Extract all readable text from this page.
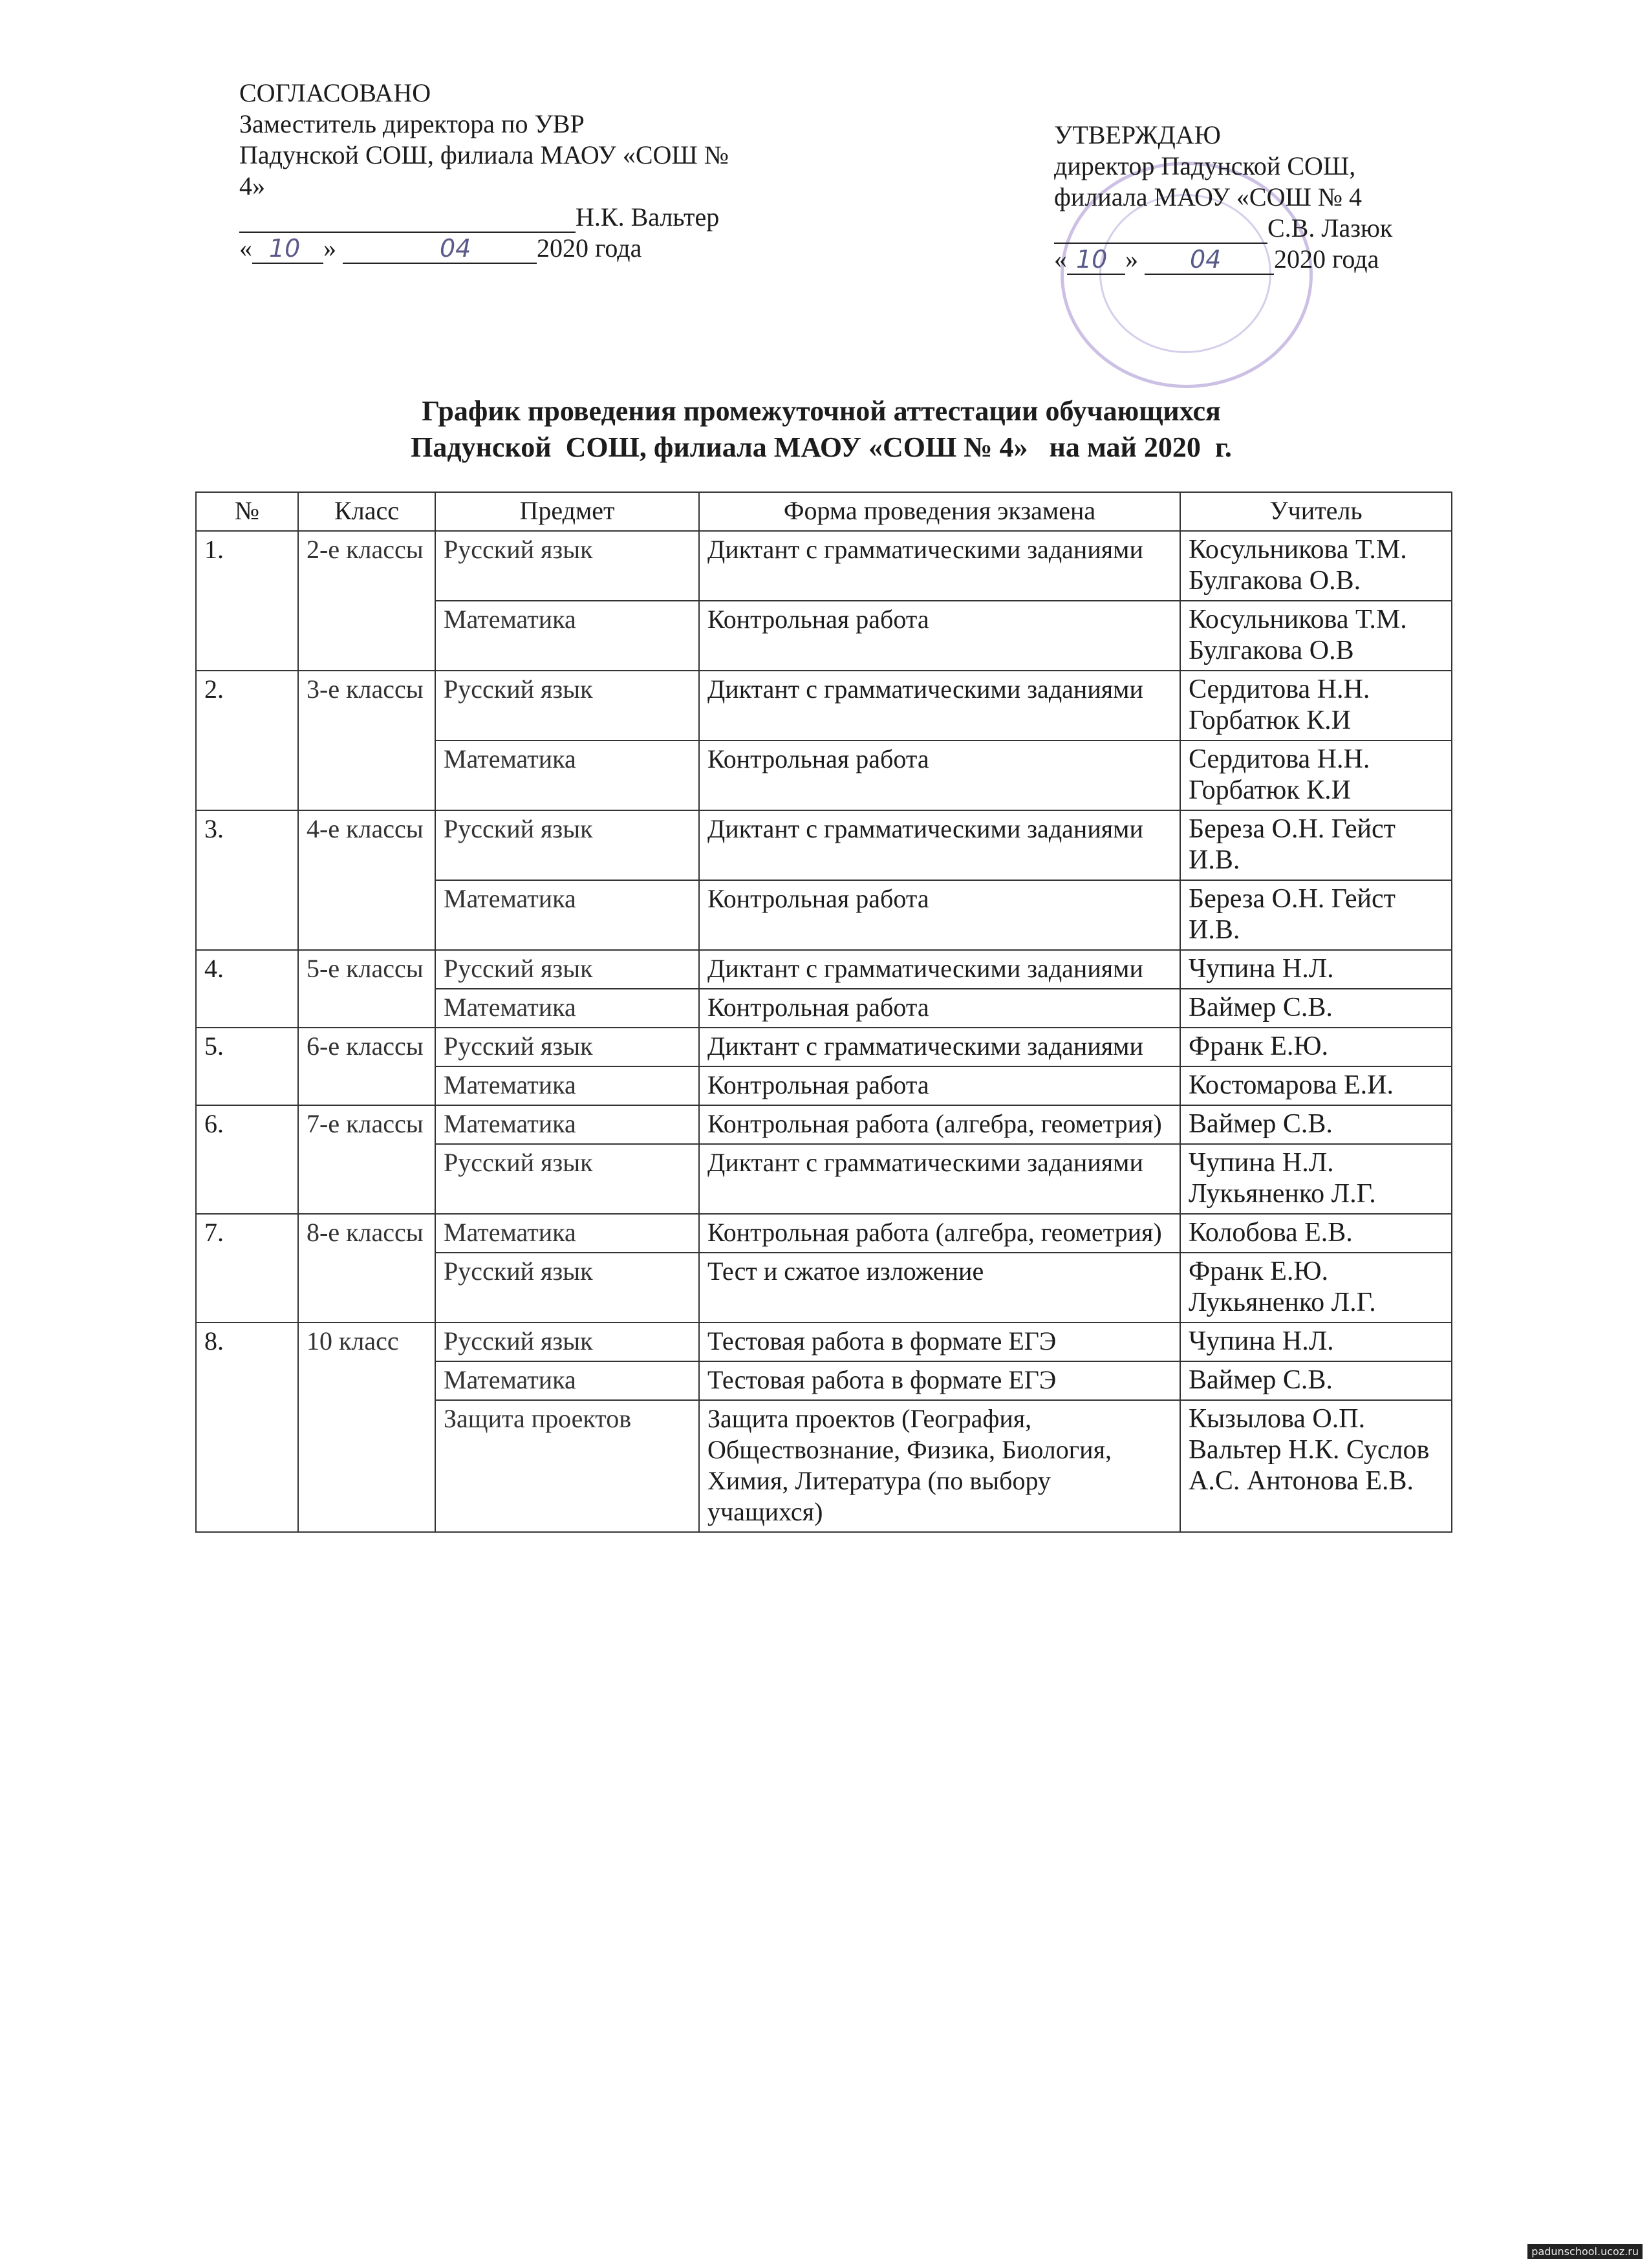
СОГЛАСОВАНО
Заместитель директора по УВР
Падунской СОШ, филиала МАОУ «СОШ №
4»
Н.К. Вальтер
« 10 »	04	2020 года
УТВЕРЖДАЮ
директор Падунской СОШ,
филиала МАОУ «СОШ № 4
С.В. Лазюк
« 10 » 04 2020 года
График проведения промежуточной аттестации обучающихся
Падунской  СОШ, филиала МАОУ «СОШ № 4»   на май 2020  г.
№	Класс	Предмет	Форма проведения экзамена	Учитель
1.	2-е классы	Русский язык	Диктант с грамматическими заданиями	Косульникова Т.М. Булгакова О.В.
		Математика	Контрольная работа	Косульникова Т.М. Булгакова О.В
2.	3-е классы	Русский язык	Диктант с грамматическими заданиями	Сердитова Н.Н. Горбатюк К.И
		Математика	Контрольная работа	Сердитова Н.Н. Горбатюк К.И
3.	4-е классы	Русский язык	Диктант с грамматическими заданиями	Береза О.Н. Гейст И.В.
		Математика	Контрольная работа	Береза О.Н. Гейст И.В.
4.	5-е классы	Русский язык	Диктант с грамматическими заданиями	Чупина Н.Л.
		Математика	Контрольная работа	Ваймер С.В.
5.	6-е классы	Русский язык	Диктант с грамматическими заданиями	Франк Е.Ю.
		Математика	Контрольная работа	Костомарова Е.И.
6.	7-е классы	Математика	Контрольная работа (алгебра, геометрия)	Ваймер С.В.
		Русский язык	Диктант с грамматическими заданиями	Чупина Н.Л. Лукьяненко Л.Г.
7.	8-е классы	Математика	Контрольная работа (алгебра, геометрия)	Колобова Е.В.
		Русский язык	Тест и сжатое изложение	Франк Е.Ю. Лукьяненко Л.Г.
8.	10 класс	Русский язык	Тестовая работа в формате ЕГЭ	Чупина Н.Л.
		Математика	Тестовая работа в формате ЕГЭ	Ваймер С.В.
		Защита проектов	Защита проектов (География, Обществознание, Физика, Биология, Химия, Литература (по выбору учащихся)	Кызылова О.П. Вальтер Н.К. Суслов А.С. Антонова Е.В.
padunschool.ucoz.ru
